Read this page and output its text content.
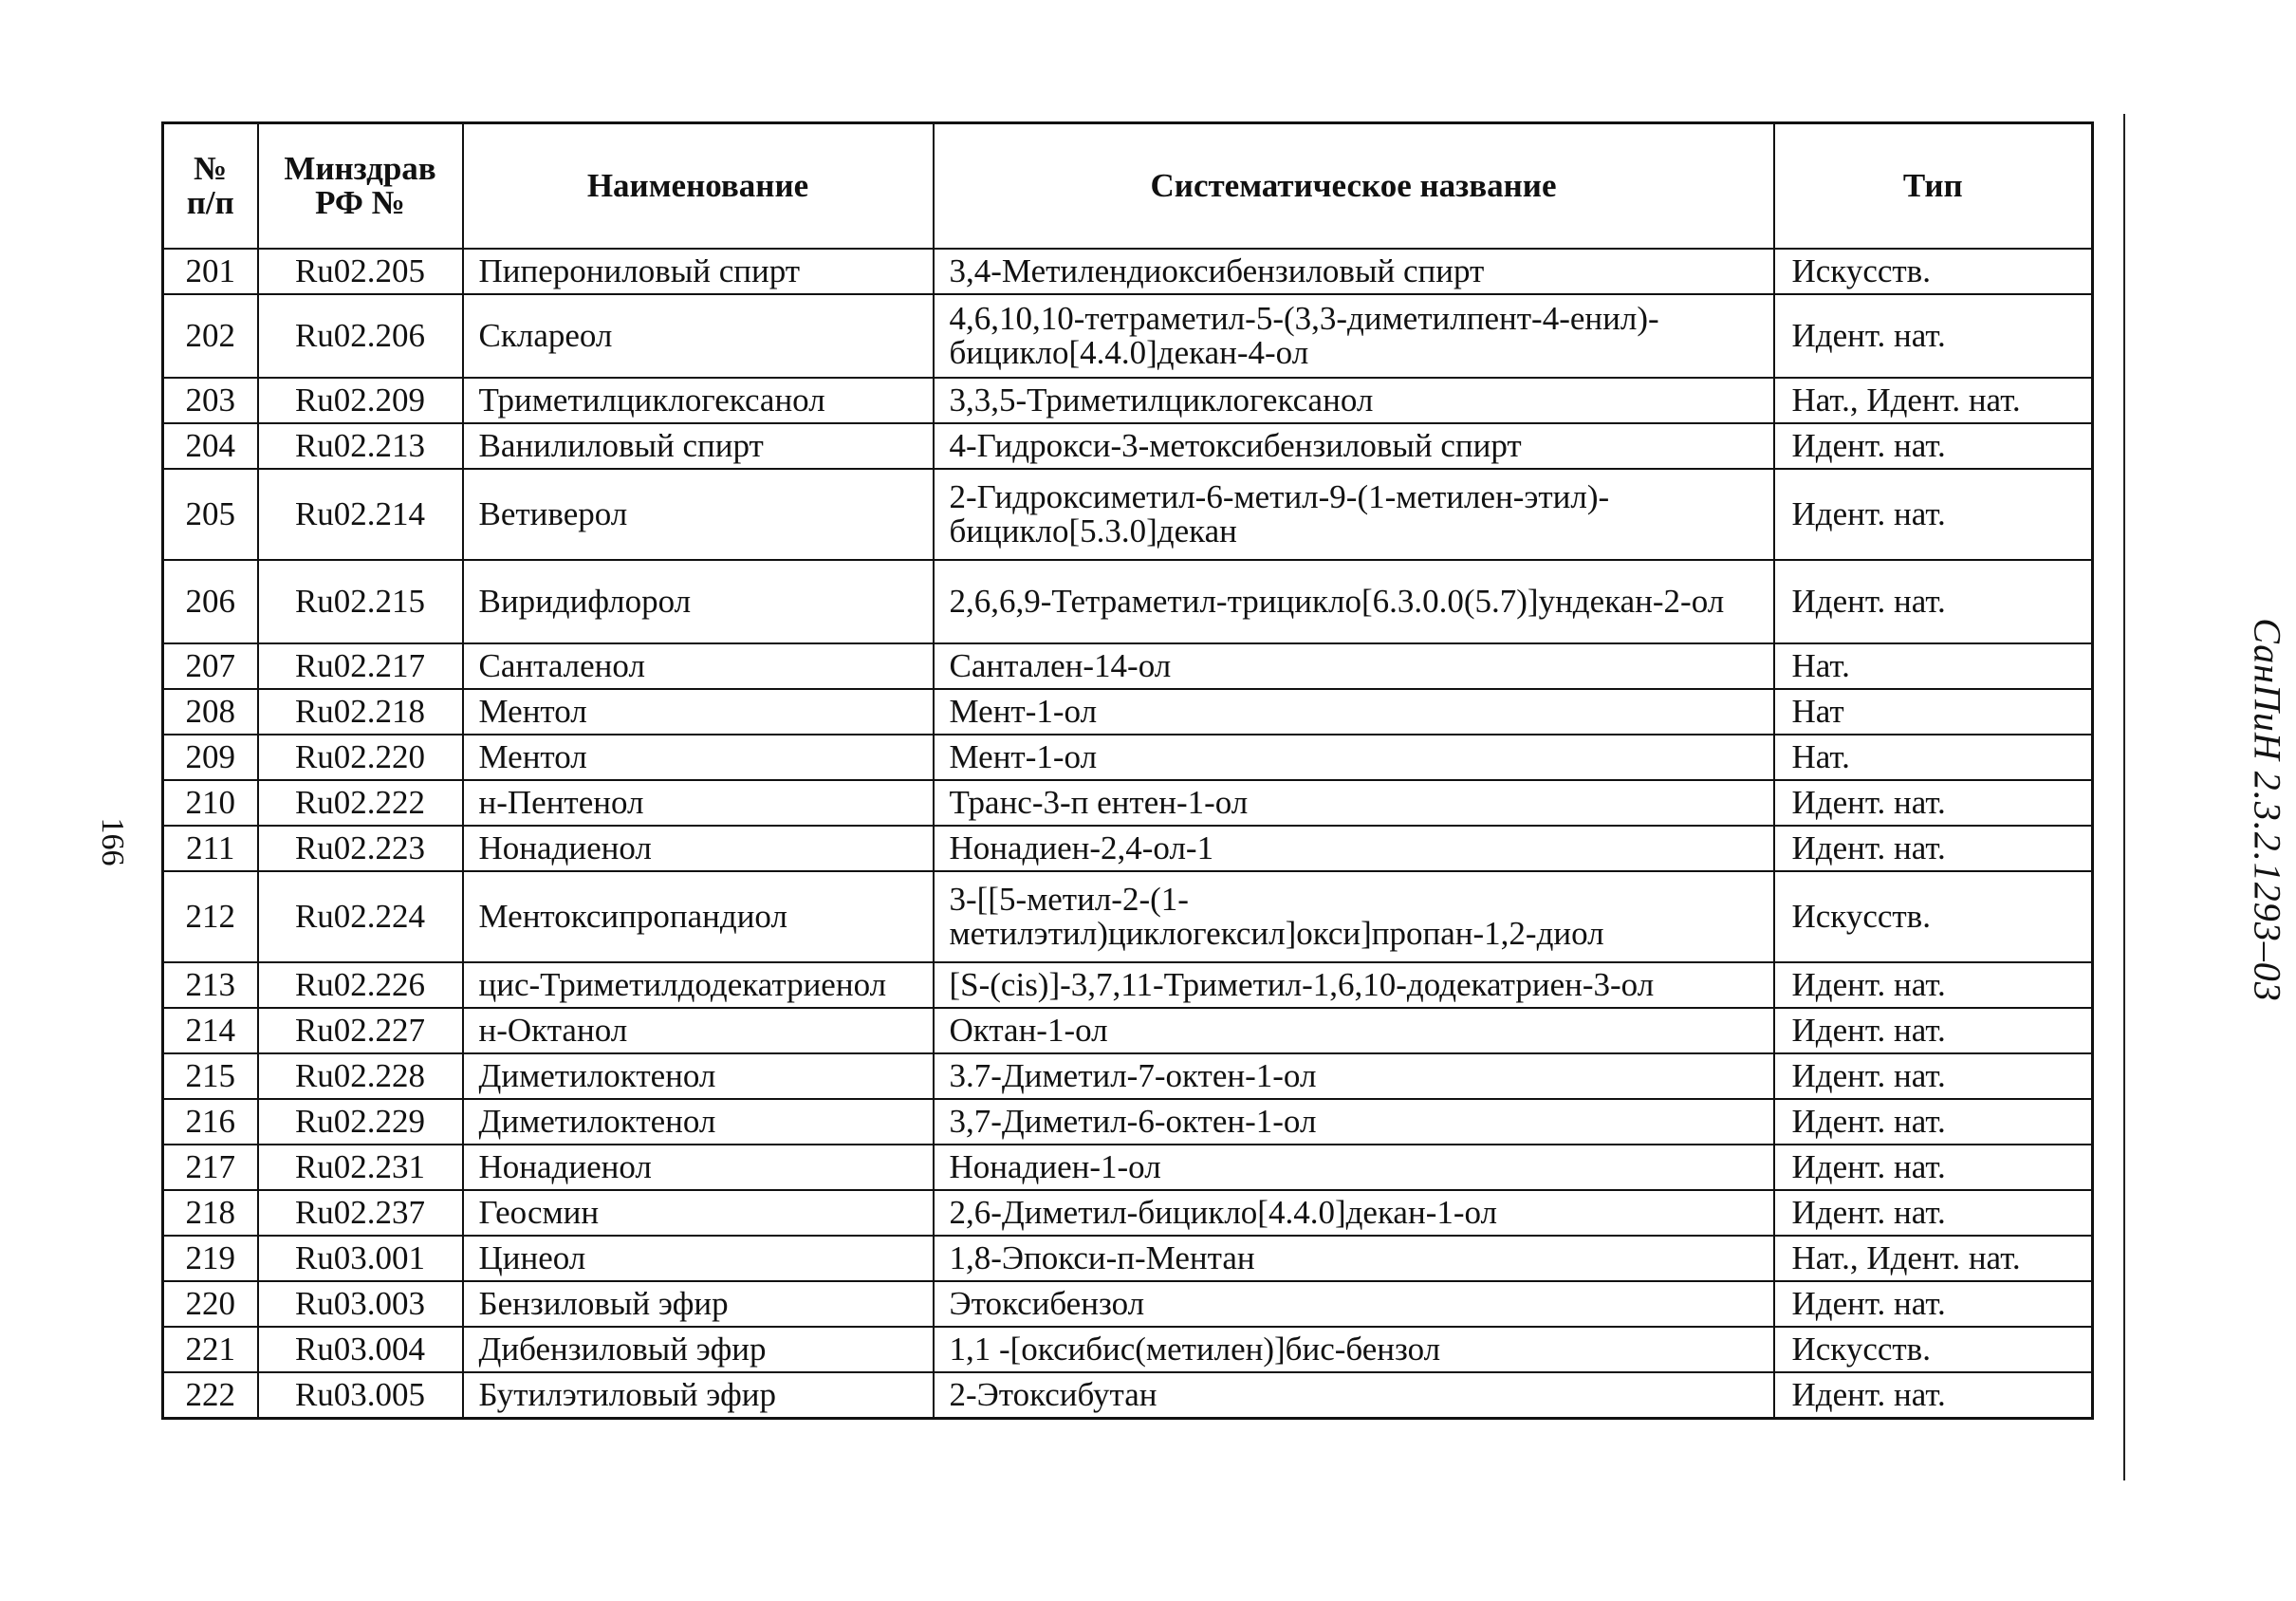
166	СанПиН 2.3.2.1293–03
№ п/п	Минздрав РФ №	Наименование	Систематическое название	Тип
201	Ru02.205	Пиперониловый спирт	3,4-Метилендиоксибензиловый спирт	Искусств.
202	Ru02.206	Склареол	4,6,10,10-тетраметил-5-(3,3-диметилпент-4-енил)-бицикло[4.4.0]декан-4-ол	Идент. нат.
203	Ru02.209	Триметилциклогексанол	3,3,5-Триметилциклогексанол	Нат., Идент. нат.
204	Ru02.213	Ванилиловый спирт	4-Гидрокси-3-метоксибензиловый спирт	Идент. нат.
205	Ru02.214	Ветиверол	2-Гидроксиметил-6-метил-9-(1-метилен-этил)-бицикло[5.3.0]декан	Идент. нат.
206	Ru02.215	Виридифлорол	2,6,6,9-Тетраметил-трицикло[6.3.0.0(5.7)]ундекан-2-ол	Идент. нат.
207	Ru02.217	Санталенол	Сантален-14-ол	Нат.
208	Ru02.218	Ментол	Мент-1-ол	Нат
209	Ru02.220	Ментол	Мент-1-ол	Нат.
210	Ru02.222	н-Пентенол	Транс-3-п ентен-1-ол	Идент. нат.
211	Ru02.223	Нонадиенол	Нонадиен-2,4-ол-1	Идент. нат.
212	Ru02.224	Ментоксипропандиол	3-[[5-метил-2-(1-метилэтил)циклогексил]окси]пропан-1,2-диол	Искусств.
213	Ru02.226	цис-Триметилдодекатриенол	[S-(cis)]-3,7,11-Триметил-1,6,10-додекатриен-3-ол	Идент. нат.
214	Ru02.227	н-Октанол	Октан-1-ол	Идент. нат.
215	Ru02.228	Диметилоктенол	3.7-Диметил-7-октен-1-ол	Идент. нат.
216	Ru02.229	Диметилоктенол	3,7-Диметил-6-октен-1-ол	Идент. нат.
217	Ru02.231	Нонадиенол	Нонадиен-1-ол	Идент. нат.
218	Ru02.237	Геосмин	2,6-Диметил-бицикло[4.4.0]декан-1-ол	Идент. нат.
219	Ru03.001	Цинеол	1,8-Эпокси-п-Ментан	Нат., Идент. нат.
220	Ru03.003	Бензиловый эфир	Этоксибензол	Идент. нат.
221	Ru03.004	Дибензиловый эфир	1,1 -[оксибис(метилен)]бис-бензол	Искусств.
222	Ru03.005	Бутилэтиловый эфир	2-Этоксибутан	Идент. нат.
